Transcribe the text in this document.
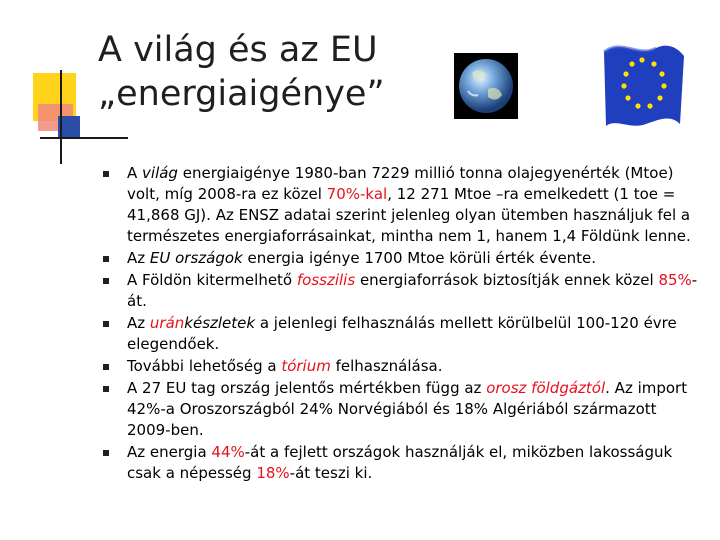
A világ és az EU
„energiaigénye”
A világ energiaigénye 1980-ban 7229 millió tonna olajegyenérték (Mtoe) volt, míg 2008-ra ez közel 70%-kal, 12 271 Mtoe –ra emelkedett (1 toe = 41,868 GJ). Az ENSZ adatai szerint jelenleg olyan ütemben használjuk fel a természetes energiaforrásainkat, mintha nem 1, hanem 1,4 Földünk lenne.
Az EU országok energia igénye 1700 Mtoe körüli érték évente.
A Földön kitermelhető fosszilis energiaforrások biztosítják ennek közel 85%-át.
Az uránkészletek a jelenlegi felhasználás mellett körülbelül 100-120 évre elegendőek.
További lehetőség a tórium felhasználása.
A 27 EU tag ország jelentős mértékben függ az orosz földgáztól. Az import 42%-a Oroszországból 24% Norvégiából és 18% Algériából származott 2009-ben.
Az energia 44%-át a fejlett országok használják el, miközben lakosságuk csak a népesség 18%-át teszi ki.
